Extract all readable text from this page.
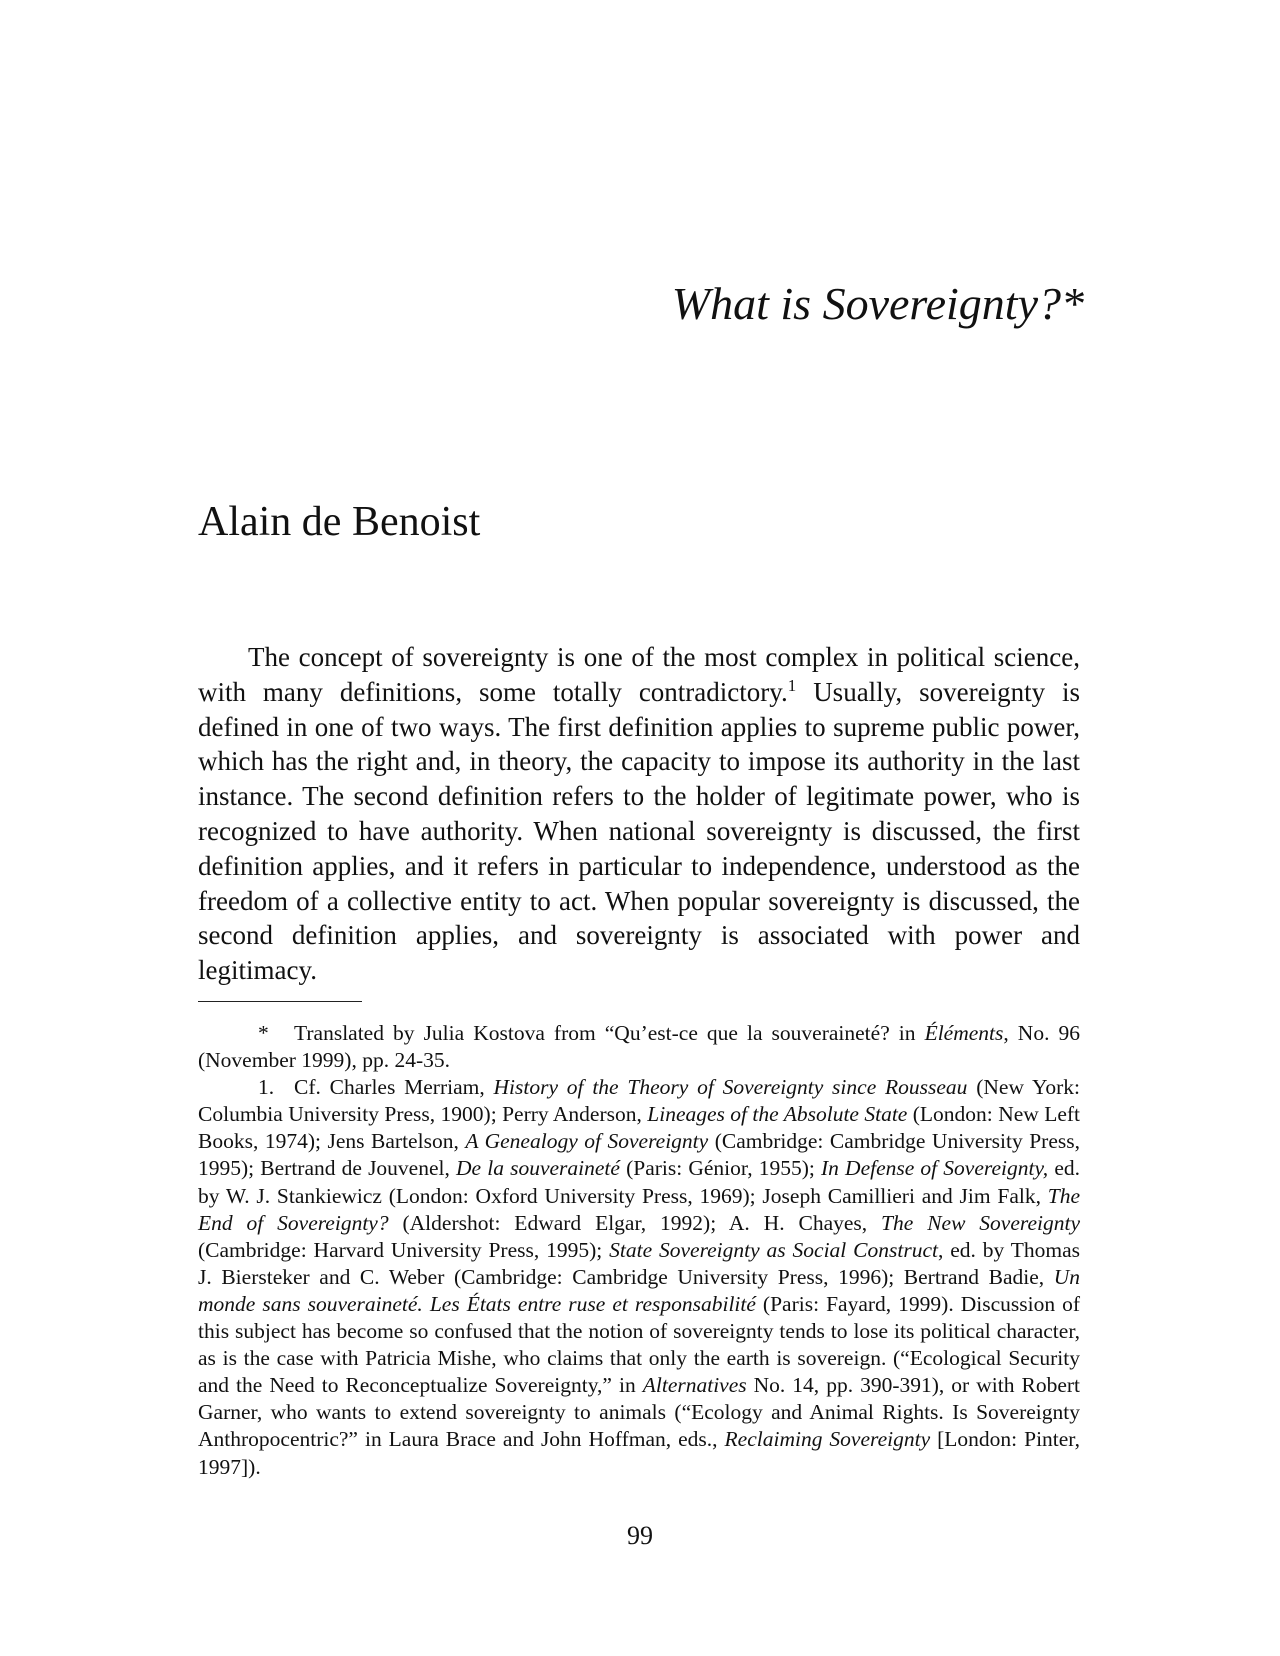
What is Sovereignty?*
Alain de Benoist

The concept of sovereignty is one of the most complex in political science, with many definitions, some totally contradictory.$^1$ Usually, sovereignty is defined in one of two ways. The first definition applies to supreme public power, which has the right and, in theory, the capacity to impose its authority in the last instance. The second definition refers to the holder of legitimate power, who is recognized to have authority. When national sovereignty is discussed, the first definition applies, and it refers in particular to independence, understood as the freedom of a collective entity to act. When popular sovereignty is discussed, the second definition applies, and sovereignty is associated with power and legitimacy.

* Translated by Julia Kostova from “Qu’est-ce que la souveraineté? in Éléments, No. 96 (November 1999), pp. 24-35.

1. Cf. Charles Merriam, History of the Theory of Sovereignty since Rousseau (New York: Columbia University Press, 1900); Perry Anderson, Lineages of the Absolute State (London: New Left Books, 1974); Jens Bartelson, A Genealogy of Sovereignty (Cambridge: Cambridge University Press, 1995); Bertrand de Jouvenel, De la souveraineté (Paris: Génior, 1955); In Defense of Sovereignty, ed. by W. J. Stankiewicz (London: Oxford University Press, 1969); Joseph Camillieri and Jim Falk, The End of Sovereignty? (Aldershot: Edward Elgar, 1992); A. H. Chayes, The New Sovereignty (Cambridge: Harvard University Press, 1995); State Sovereignty as Social Construct, ed. by Thomas J. Biersteker and C. Weber (Cambridge: Cambridge University Press, 1996); Bertrand Badie, Un monde sans souveraineté. Les États entre ruse et responsabilité (Paris: Fayard, 1999). Discussion of this subject has become so confused that the notion of sovereignty tends to lose its political character, as is the case with Patricia Mishe, who claims that only the earth is sovereign. (“Ecological Security and the Need to Reconceptualize Sovereignty,” in Alternatives No. 14, pp. 390-391), or with Robert Garner, who wants to extend sovereignty to animals (“Ecology and Animal Rights. Is Sovereignty Anthropocentric?” in Laura Brace and John Hoffman, eds., Reclaiming Sovereignty [London: Pinter, 1997]).

99
